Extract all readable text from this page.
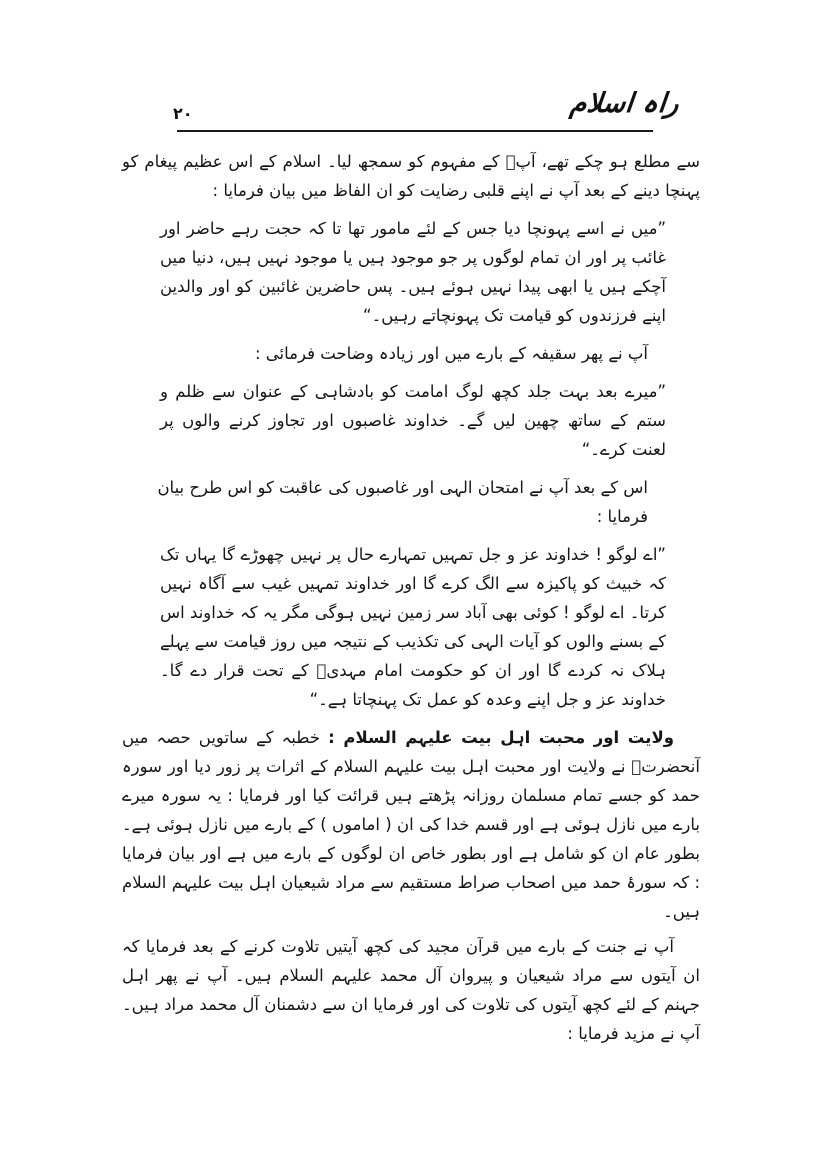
راہ اسلام
۲۰

سے مطلع ہو چکے تھے، آپؐ کے مفہوم کو سمجھ لیا۔ اسلام کے اس عظیم پیغام کو پہنچا دینے کے بعد آپ نے اپنے قلبی رضایت کو ان الفاظ میں بیان فرمایا :

”میں نے اسے پہونچا دیا جس کے لئے مامور تھا تا کہ حجت رہے حاضر اور غائب پر اور ان تمام لوگوں پر جو موجود ہیں یا موجود نہیں ہیں، دنیا میں آچکے ہیں یا ابھی پیدا نہیں ہوئے ہیں۔ پس حاضرین غائبین کو اور والدین اپنے فرزندوں کو قیامت تک پہونچاتے رہیں۔“

آپ نے پھر سقیفہ کے بارے میں اور زیادہ وضاحت فرمائی :

”میرے بعد بہت جلد کچھ لوگ امامت کو بادشاہی کے عنوان سے ظلم و ستم کے ساتھ چھین لیں گے۔ خداوند غاصبوں اور تجاوز کرنے والوں پر لعنت کرے۔“

اس کے بعد آپ نے امتحان الہی اور غاصبوں کی عاقبت کو اس طرح بیان فرمایا :

”اے لوگو ! خداوند عز و جل تمہیں تمہارے حال پر نہیں چھوڑے گا یہاں تک کہ خبیث کو پاکیزہ سے الگ کرے گا اور خداوند تمہیں غیب سے آگاہ نہیں کرتا۔ اے لوگو ! کوئی بھی آباد سر زمین نہیں ہوگی مگر یہ کہ خداوند اس کے بسنے والوں کو آیات الہی کی تکذیب کے نتیجہ میں روز قیامت سے پہلے ہلاک نہ کردے گا اور ان کو حکومت امام مہدیؑ کے تحت قرار دے گا۔ خداوند عز و جل اپنے وعدہ کو عمل تک پہنچاتا ہے۔“

ولایت اور محبت اہل بیت علیہم السلام : خطبہ کے ساتویں حصہ میں آنحضرتؐ نے ولایت اور محبت اہل بیت علیہم السلام کے اثرات پر زور دیا اور سورہ حمد کو جسے تمام مسلمان روزانہ پڑھتے ہیں قرائت کیا اور فرمایا : یہ سورہ میرے بارے میں نازل ہوئی ہے اور قسم خدا کی ان ( اماموں ) کے بارے میں نازل ہوئی ہے۔ بطور عام ان کو شامل ہے اور بطور خاص ان لوگوں کے بارے میں ہے اور بیان فرمایا : کہ سورۂ حمد میں اصحاب صراط مستقیم سے مراد شیعیان اہل بیت علیہم السلام ہیں۔

آپ نے جنت کے بارے میں قرآن مجید کی کچھ آیتیں تلاوت کرنے کے بعد فرمایا کہ ان آیتوں سے مراد شیعیان و پیروان آل محمد علیہم السلام ہیں۔ آپ نے پھر اہل جہنم کے لئے کچھ آیتوں کی تلاوت کی اور فرمایا ان سے دشمنان آل محمد مراد ہیں۔ آپ نے مزید فرمایا :
